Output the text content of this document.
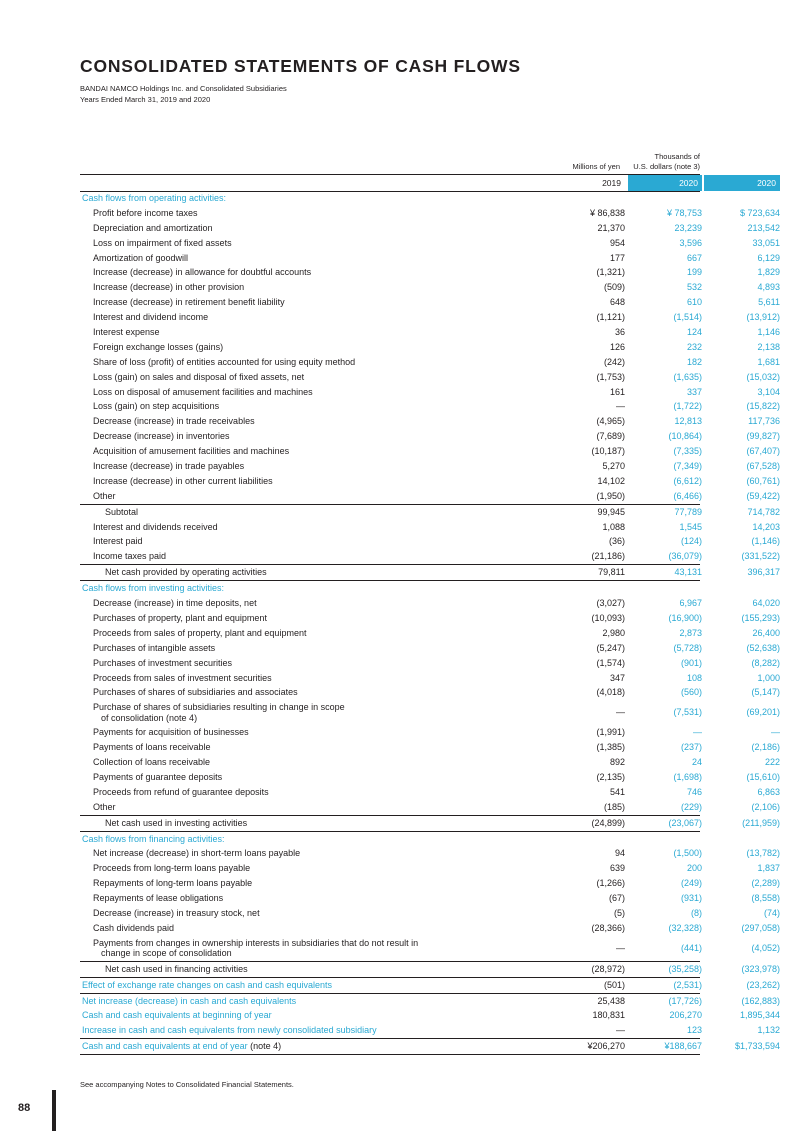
CONSOLIDATED STATEMENTS OF CASH FLOWS
BANDAI NAMCO Holdings Inc. and Consolidated Subsidiaries
Years Ended March 31, 2019 and 2020
Millions of yen
Thousands of
U.S. dollars (note 3)
2019	2020	2020
Cash flows from operating activities:
Profit before income taxes	¥ 86,838	¥ 78,753	$ 723,634
Depreciation and amortization	21,370	23,239	213,542
Loss on impairment of fixed assets	954	3,596	33,051
Amortization of goodwill	177	667	6,129
Increase (decrease) in allowance for doubtful accounts	(1,321)	199	1,829
Increase (decrease) in other provision	(509)	532	4,893
Increase (decrease) in retirement benefit liability	648	610	5,611
Interest and dividend income	(1,121)	(1,514)	(13,912)
Interest expense	36	124	1,146
Foreign exchange losses (gains)	126	232	2,138
Share of loss (profit) of entities accounted for using equity method	(242)	182	1,681
Loss (gain) on sales and disposal of fixed assets, net	(1,753)	(1,635)	(15,032)
Loss on disposal of amusement facilities and machines	161	337	3,104
Loss (gain) on step acquisitions	—	(1,722)	(15,822)
Decrease (increase) in trade receivables	(4,965)	12,813	117,736
Decrease (increase) in inventories	(7,689)	(10,864)	(99,827)
Acquisition of amusement facilities and machines	(10,187)	(7,335)	(67,407)
Increase (decrease) in trade payables	5,270	(7,349)	(67,528)
Increase (decrease) in other current liabilities	14,102	(6,612)	(60,761)
Other	(1,950)	(6,466)	(59,422)
Subtotal	99,945	77,789	714,782
Interest and dividends received	1,088	1,545	14,203
Interest paid	(36)	(124)	(1,146)
Income taxes paid	(21,186)	(36,079)	(331,522)
Net cash provided by operating activities	79,811	43,131	396,317
Cash flows from investing activities:
Decrease (increase) in time deposits, net	(3,027)	6,967	64,020
Purchases of property, plant and equipment	(10,093)	(16,900)	(155,293)
Proceeds from sales of property, plant and equipment	2,980	2,873	26,400
Purchases of intangible assets	(5,247)	(5,728)	(52,638)
Purchases of investment securities	(1,574)	(901)	(8,282)
Proceeds from sales of investment securities	347	108	1,000
Purchases of shares of subsidiaries and associates	(4,018)	(560)	(5,147)
Purchase of shares of subsidiaries resulting in change in scope
of consolidation (note 4)
—	(7,531)	(69,201)
Payments for acquisition of businesses	(1,991)	—	—
Payments of loans receivable	(1,385)	(237)	(2,186)
Collection of loans receivable	892	24	222
Payments of guarantee deposits	(2,135)	(1,698)	(15,610)
Proceeds from refund of guarantee deposits	541	746	6,863
Other	(185)	(229)	(2,106)
Net cash used in investing activities	(24,899)	(23,067)	(211,959)
Cash flows from financing activities:
Net increase (decrease) in short-term loans payable	94	(1,500)	(13,782)
Proceeds from long-term loans payable	639	200	1,837
Repayments of long-term loans payable	(1,266)	(249)	(2,289)
Repayments of lease obligations	(67)	(931)	(8,558)
Decrease (increase) in treasury stock, net	(5)	(8)	(74)
Cash dividends paid	(28,366)	(32,328)	(297,058)
Payments from changes in ownership interests in subsidiaries that do not result in
change in scope of consolidation
—	(441)	(4,052)
Net cash used in financing activities	(28,972)	(35,258)	(323,978)
Effect of exchange rate changes on cash and cash equivalents	(501)	(2,531)	(23,262)
Net increase (decrease) in cash and cash equivalents	25,438	(17,726)	(162,883)
Cash and cash equivalents at beginning of year	180,831	206,270	1,895,344
Increase in cash and cash equivalents from newly consolidated subsidiary	—	123	1,132
Cash and cash equivalents at end of year (note 4)	¥206,270	¥188,667	$1,733,594
See accompanying Notes to Consolidated Financial Statements.
88
